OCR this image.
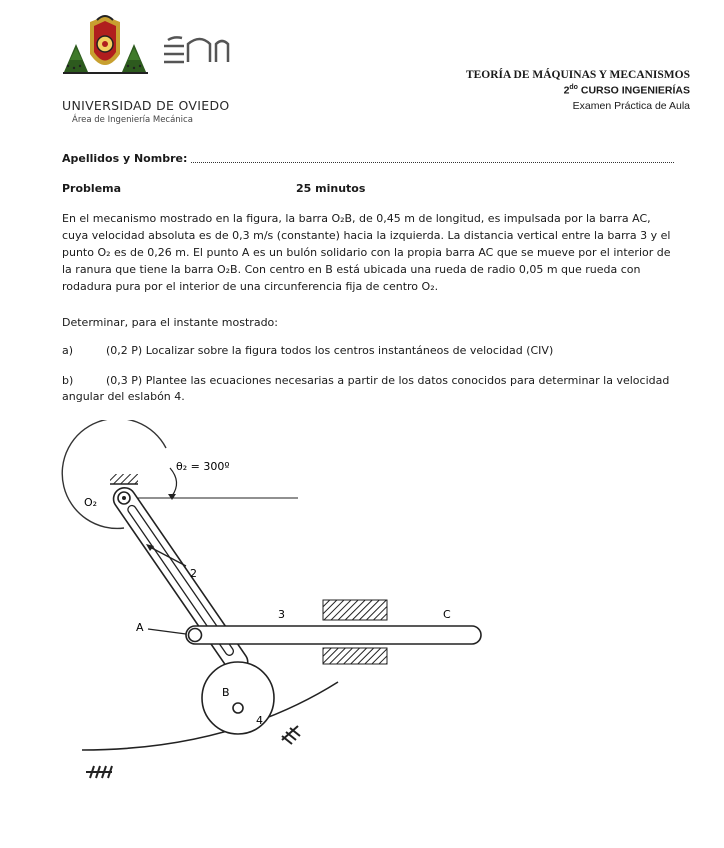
UNIVERSIDAD DE OVIEDO
Área de Ingeniería Mecánica
TEORÍA DE MÁQUINAS Y MECANISMOS
$2^{do}$ CURSO INGENIERÍAS
Examen Práctica de Aula
Apellidos y Nombre:
Problema	25 minutos

En el mecanismo mostrado en la figura, la barra O₂B, de 0,45 m de longitud, es impulsada por la barra AC, cuya velocidad absoluta es de 0,3 m/s (constante) hacia la izquierda. La distancia vertical entre la barra 3 y el punto O₂ es de 0,26 m. El punto A es un bulón solidario con la propia barra AC que se mueve por el interior de la ranura que tiene la barra O₂B. Con centro en B está ubicada una rueda de radio 0,05 m que rueda con rodadura pura por el interior de una circunferencia fija de centro O₂.

Determinar, para el instante mostrado:
a)	(0,2 P) Localizar sobre la figura todos los centros instantáneos de velocidad (CIV)
b)	(0,3 P) Plantee las ecuaciones necesarias a partir de los datos conocidos para determinar la velocidad angular del eslabón 4.
θ₂ = 300º
O₂
2
A
3	C
B
4
